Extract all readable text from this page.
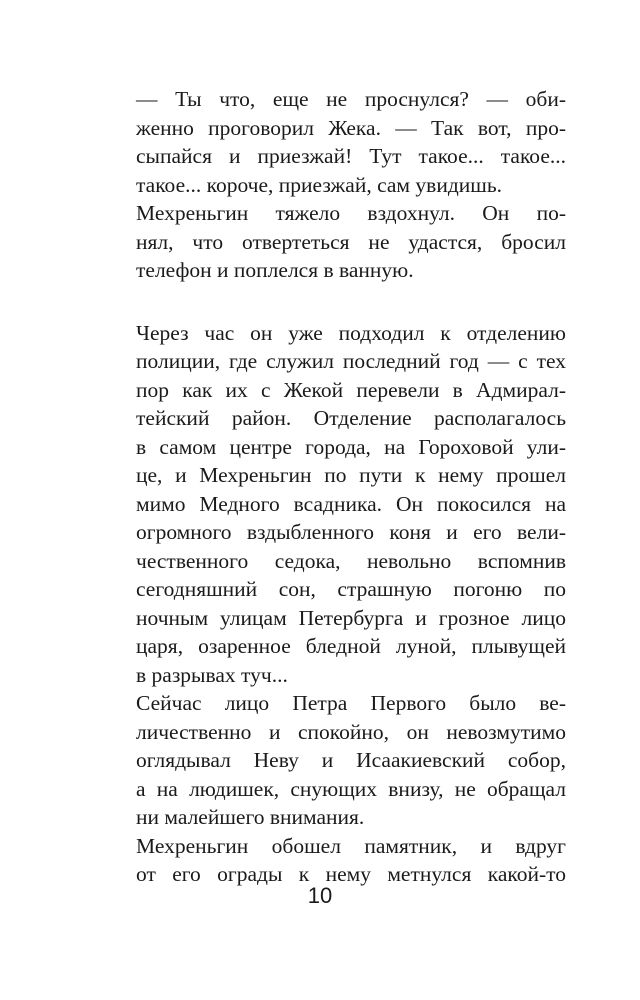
— Ты что, еще не проснулся? — оби-
женно проговорил Жека. — Так вот, про-
сыпайся и приезжай! Тут такое... такое...
такое... короче, приезжай, сам увидишь.
Мехреньгин тяжело вздохнул. Он по-
нял, что отвертеться не удастся, бросил
телефон и поплелся в ванную.
Через час он уже подходил к отделению
полиции, где служил последний год — с тех
пор как их с Жекой перевели в Адмирал-
тейский район. Отделение располагалось
в самом центре города, на Гороховой ули-
це, и Мехреньгин по пути к нему прошел
мимо Медного всадника. Он покосился на
огромного вздыбленного коня и его вели-
чественного седока, невольно вспомнив
сегодняшний сон, страшную погоню по
ночным улицам Петербурга и грозное лицо
царя, озаренное бледной луной, плывущей
в разрывах туч...
Сейчас лицо Петра Первого было ве-
личественно и спокойно, он невозмутимо
оглядывал Неву и Исаакиевский собор,
а на людишек, снующих внизу, не обращал
ни малейшего внимания.
Мехреньгин обошел памятник, и вдруг
от его ограды к нему метнулся какой-то
10
